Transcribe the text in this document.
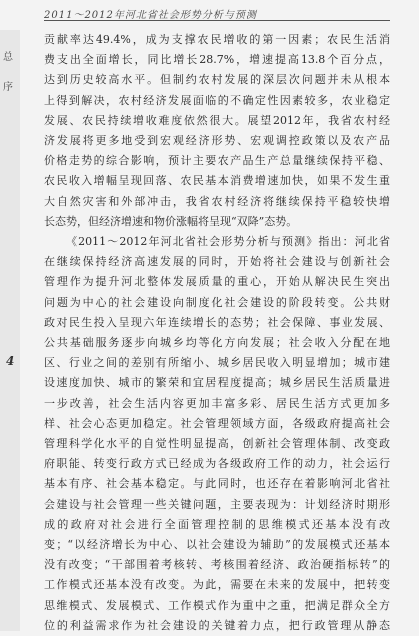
2011～2012年河北省社会形势分析与预测
总
序
4

贡献率达49.4%，成为支撑农民增收的第一因素；农民生活消

费支出全面增长，同比增长28.7%，增速提高13.8个百分点，

达到历史较高水平。但制约农村发展的深层次问题并未从根本

上得到解决，农村经济发展面临的不确定性因素较多，农业稳定

发展、农民持续增收难度依然很大。展望2012年，我省农村经

济发展将更多地受到宏观经济形势、宏观调控政策以及农产品

价格走势的综合影响，预计主要农产品生产总量继续保持平稳、

农民收入增幅呈现回落、农民基本消费增速加快，如果不发生重

大自然灾害和外部冲击，我省农村经济将继续保持平稳较快增

长态势，但经济增速和物价涨幅将呈现“双降”态势。

《2011～2012年河北省社会形势分析与预测》指出：河北省

在继续保持经济高速发展的同时，开始将社会建设与创新社会

管理作为提升河北整体发展质量的重心，开始从解决民生突出

问题为中心的社会建设向制度化社会建设的阶段转变。公共财

政对民生投入呈现六年连续增长的态势；社会保障、事业发展、

公共基础服务逐步向城乡均等化方向发展；社会收入分配在地

区、行业之间的差别有所缩小、城乡居民收入明显增加；城市建

设速度加快、城市的繁荣和宜居程度提高；城乡居民生活质量进

一步改善，社会生活内容更加丰富多彩、居民生活方式更加多

样、社会心态更加稳定。社会管理领域方面，各级政府提高社会

管理科学化水平的自觉性明显提高，创新社会管理体制、改变政

府职能、转变行政方式已经成为各级政府工作的动力，社会运行

基本有序、社会基本稳定。与此同时，也还存在着影响河北省社

会建设与社会管理一些关键问题，主要表现为：计划经济时期形

成的政府对社会进行全面管理控制的思维模式还基本没有改

变；“以经济增长为中心、以社会建设为辅助”的发展模式还基本

没有改变；“干部围着考核转、考核围着经济、政治硬指标转”的

工作模式还基本没有改变。为此，需要在未来的发展中，把转变

思维模式、发展模式、工作模式作为重中之重，把满足群众全方

位的利益需求作为社会建设的关键着力点，把行政管理从静态
